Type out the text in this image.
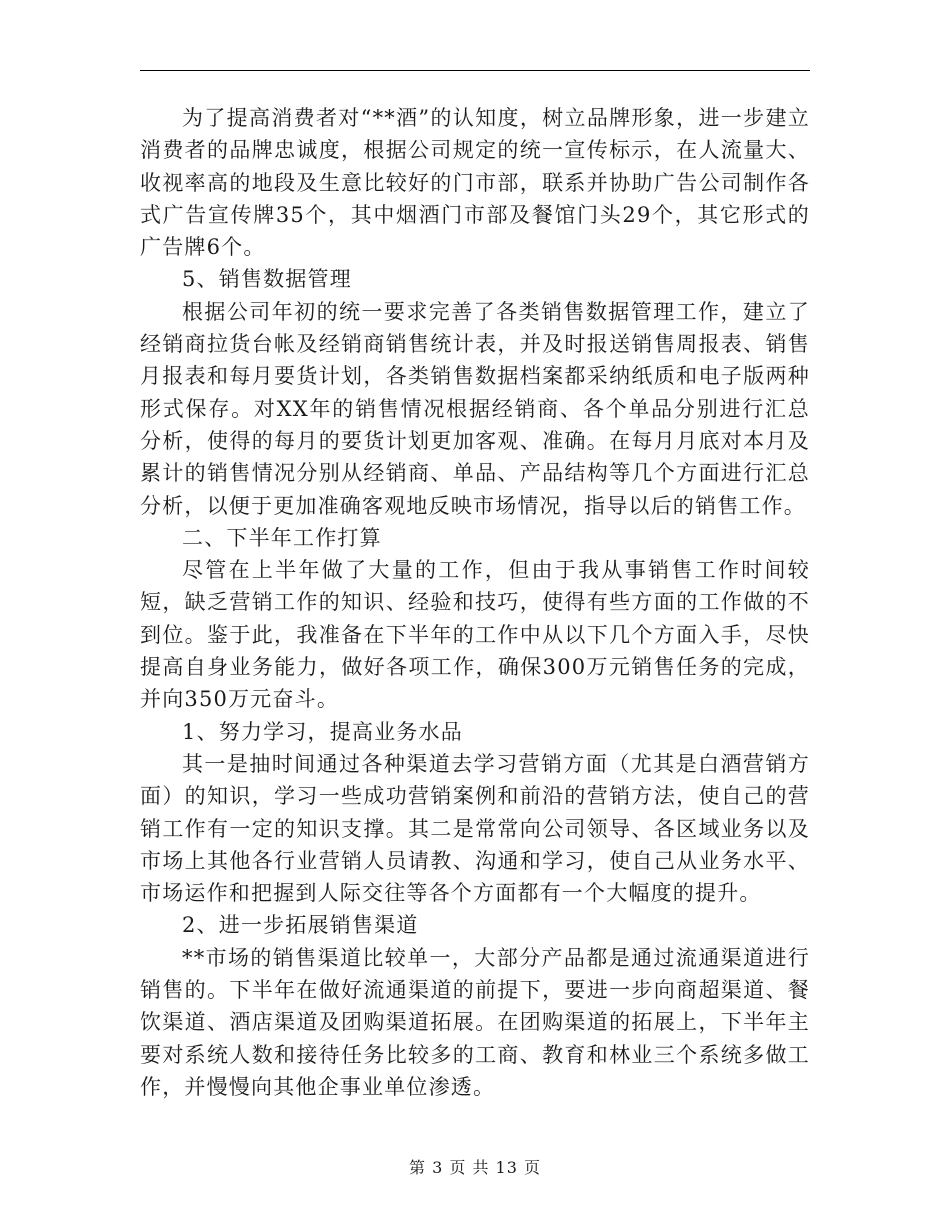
为了提高消费者对“**酒”的认知度，树立品牌形象，进一步建立消费者的品牌忠诚度，根据公司规定的统一宣传标示，在人流量大、收视率高的地段及生意比较好的门市部，联系并协助广告公司制作各式广告宣传牌35个，其中烟酒门市部及餐馆门头29个，其它形式的广告牌6个。

5、销售数据管理

根据公司年初的统一要求完善了各类销售数据管理工作，建立了经销商拉货台帐及经销商销售统计表，并及时报送销售周报表、销售月报表和每月要货计划，各类销售数据档案都采纳纸质和电子版两种形式保存。对XX年的销售情况根据经销商、各个单品分别进行汇总分析，使得的每月的要货计划更加客观、准确。在每月月底对本月及累计的销售情况分别从经销商、单品、产品结构等几个方面进行汇总分析，以便于更加准确客观地反映市场情况，指导以后的销售工作。

二、下半年工作打算

尽管在上半年做了大量的工作，但由于我从事销售工作时间较短，缺乏营销工作的知识、经验和技巧，使得有些方面的工作做的不到位。鉴于此，我准备在下半年的工作中从以下几个方面入手，尽快提高自身业务能力，做好各项工作，确保300万元销售任务的完成，并向350万元奋斗。

1、努力学习，提高业务水品

其一是抽时间通过各种渠道去学习营销方面（尤其是白酒营销方面）的知识，学习一些成功营销案例和前沿的营销方法，使自己的营销工作有一定的知识支撑。其二是常常向公司领导、各区域业务以及市场上其他各行业营销人员请教、沟通和学习，使自己从业务水平、市场运作和把握到人际交往等各个方面都有一个大幅度的提升。

2、进一步拓展销售渠道

**市场的销售渠道比较单一，大部分产品都是通过流通渠道进行销售的。下半年在做好流通渠道的前提下，要进一步向商超渠道、餐饮渠道、酒店渠道及团购渠道拓展。在团购渠道的拓展上，下半年主要对系统人数和接待任务比较多的工商、教育和林业三个系统多做工作，并慢慢向其他企事业单位渗透。

第 3 页 共 13 页
